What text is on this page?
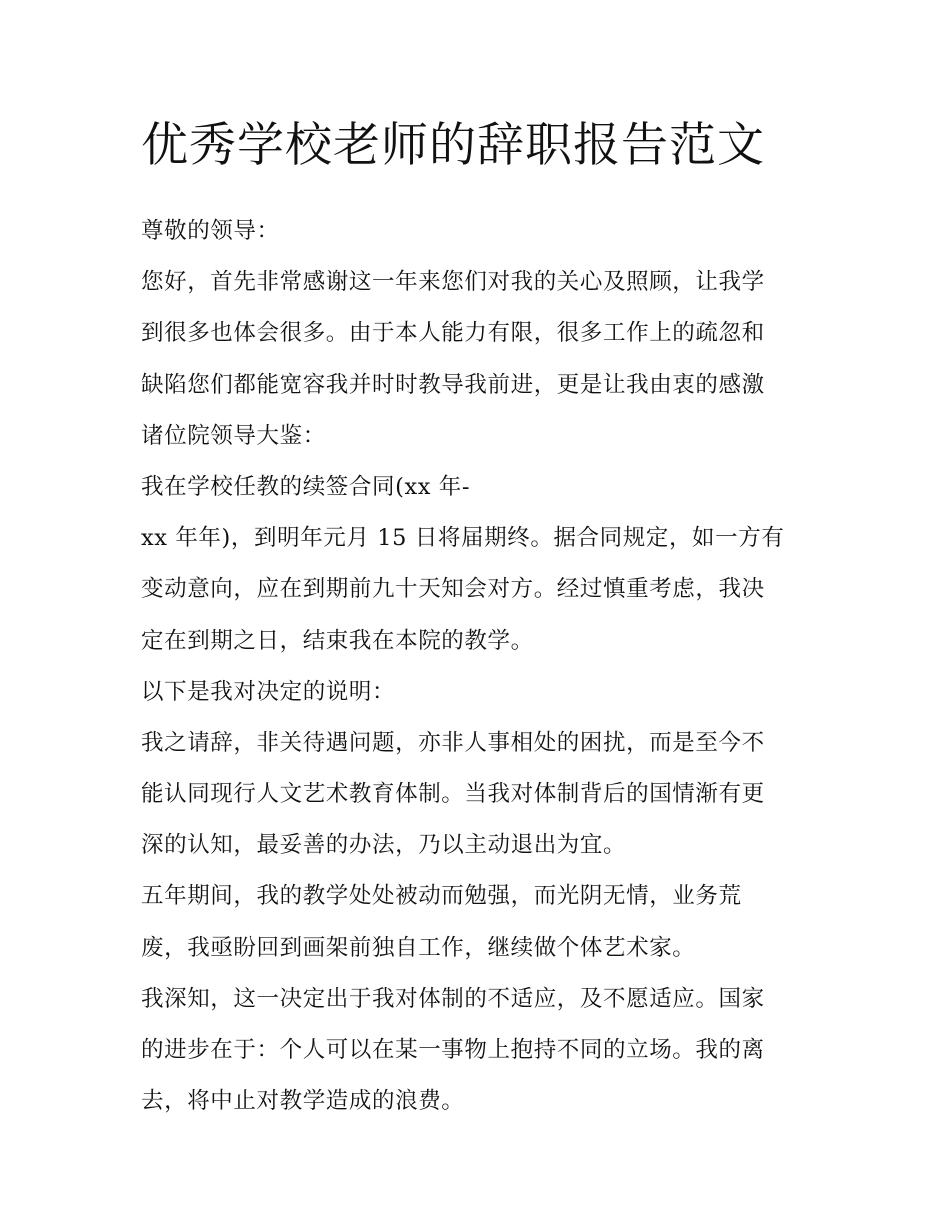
优秀学校老师的辞职报告范文

尊敬的领导：

您好，首先非常感谢这一年来您们对我的关心及照顾，让我学

到很多也体会很多。由于本人能力有限，很多工作上的疏忽和

缺陷您们都能宽容我并时时教导我前进，更是让我由衷的感激

诸位院领导大鉴：

我在学校任教的续签合同(xx 年-

xx 年年)，到明年元月 15 日将届期终。据合同规定，如一方有

变动意向，应在到期前九十天知会对方。经过慎重考虑，我决

定在到期之日，结束我在本院的教学。

以下是我对决定的说明：

我之请辞，非关待遇问题，亦非人事相处的困扰，而是至今不

能认同现行人文艺术教育体制。当我对体制背后的国情渐有更

深的认知，最妥善的办法，乃以主动退出为宜。

五年期间，我的教学处处被动而勉强，而光阴无情，业务荒

废，我亟盼回到画架前独自工作，继续做个体艺术家。

我深知，这一决定出于我对体制的不适应，及不愿适应。国家

的进步在于：个人可以在某一事物上抱持不同的立场。我的离

去，将中止对教学造成的浪费。
